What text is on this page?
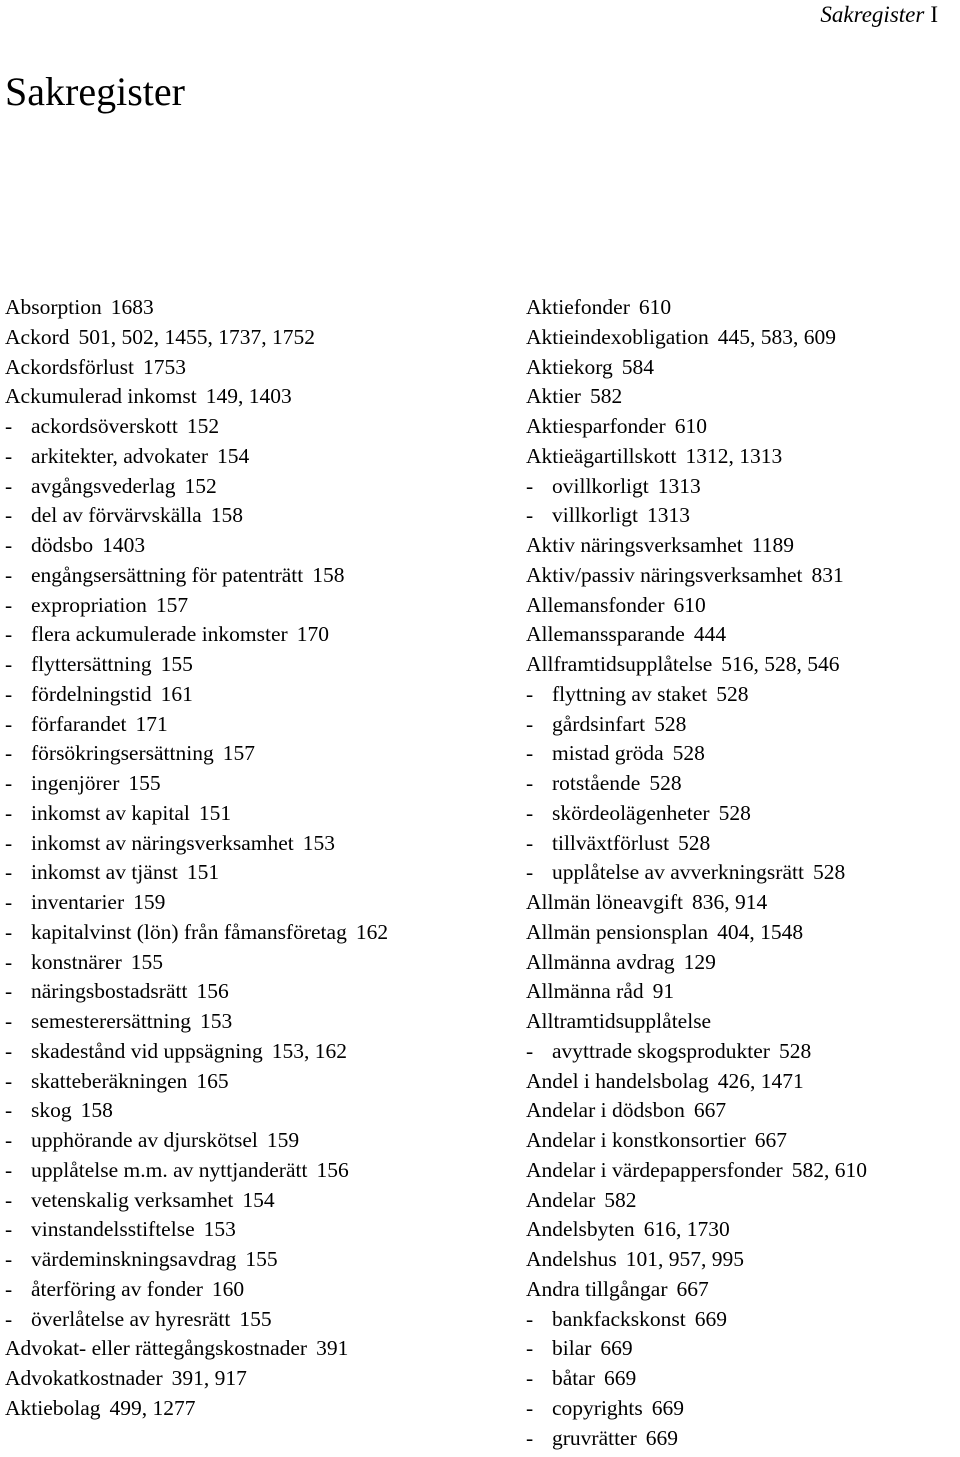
Sakregister I
Sakregister
Absorption 1683
Ackord 501, 502, 1455, 1737, 1752
Ackordsförlust 1753
Ackumulerad inkomst 149, 1403
- ackordsöverskott 152
- arkitekter, advokater 154
- avgångsvederlag 152
- del av förvärvskälla 158
- dödsbo 1403
- engångsersättning för patenträtt 158
- expropriation 157
- flera ackumulerade inkomster 170
- flyttersättning 155
- fördelningstid 161
- förfarandet 171
- försökringsersättning 157
- ingenjörer 155
- inkomst av kapital 151
- inkomst av näringsverksamhet 153
- inkomst av tjänst 151
- inventarier 159
- kapitalvinst (lön) från fåmansföretag 162
- konstnärer 155
- näringsbostadsrätt 156
- semesterersättning 153
- skadestånd vid uppsägning 153, 162
- skatteberäkningen 165
- skog 158
- upphörande av djurskötsel 159
- upplåtelse m.m. av nyttjanderätt 156
- vetenskalig verksamhet 154
- vinstandelsstiftelse 153
- värdeminskningsavdrag 155
- återföring av fonder 160
- överlåtelse av hyresrätt 155
Advokat- eller rättegångskostnader 391
Advokatkostnader 391, 917
Aktiebolag 499, 1277
Aktiefonder 610
Aktieindexobligation 445, 583, 609
Aktiekorg 584
Aktier 582
Aktiesparfonder 610
Aktieägartillskott 1312, 1313
- ovillkorligt 1313
- villkorligt 1313
Aktiv näringsverksamhet 1189
Aktiv/passiv näringsverksamhet 831
Allemansfonder 610
Allemanssparande 444
Allframtidsupplåtelse 516, 528, 546
- flyttning av staket 528
- gårdsinfart 528
- mistad gröda 528
- rotstående 528
- skördeolägenheter 528
- tillväxtförlust 528
- upplåtelse av avverkningsrätt 528
Allmän löneavgift 836, 914
Allmän pensionsplan 404, 1548
Allmänna avdrag 129
Allmänna råd 91
Alltramtidsupplåtelse
- avyttrade skogsprodukter 528
Andel i handelsbolag 426, 1471
Andelar i dödsbon 667
Andelar i konstkonsortier 667
Andelar i värdepappersfonder 582, 610
Andelar 582
Andelsbyten 616, 1730
Andelshus 101, 957, 995
Andra tillgångar 667
- bankfackskonst 669
- bilar 669
- båtar 669
- copyrights 669
- gruvrätter 669
